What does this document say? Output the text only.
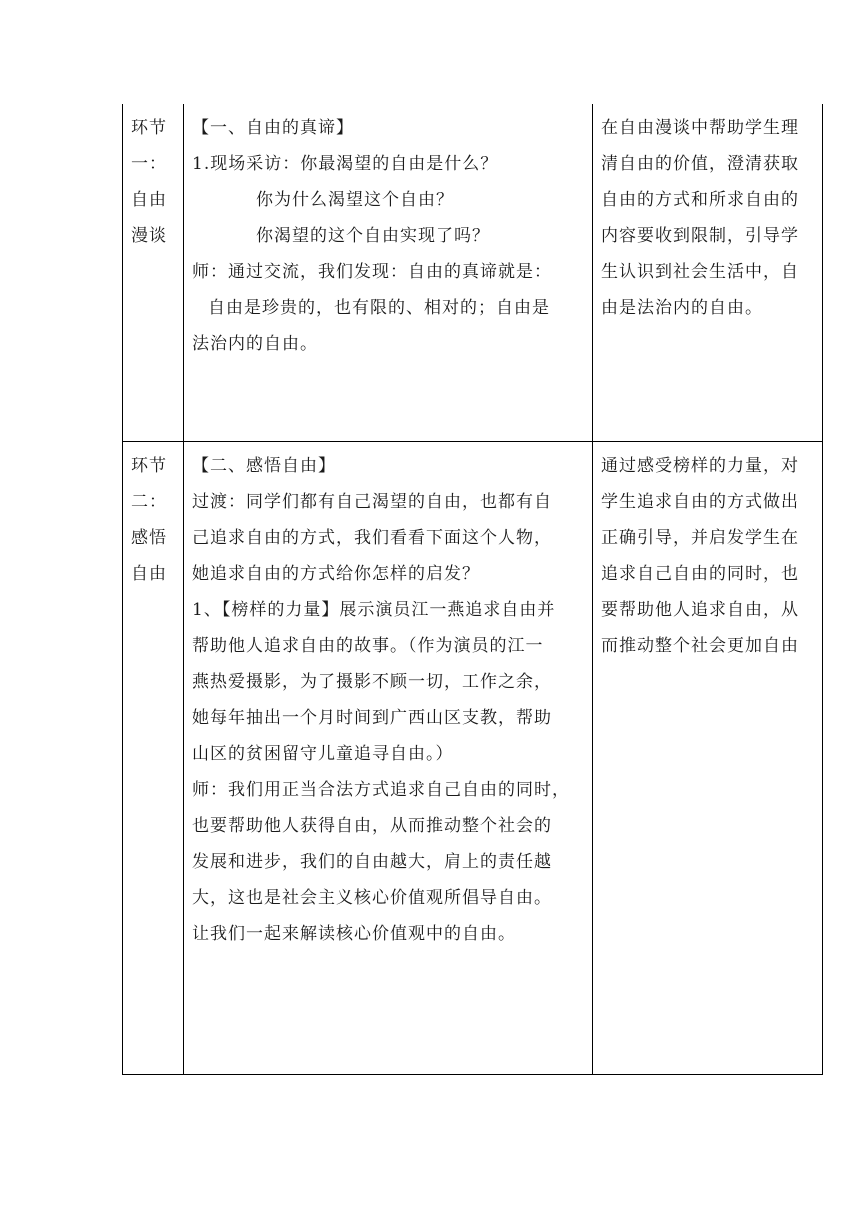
环节
一：
自由
漫谈
【一、自由的真谛】
1.现场采访：你最渴望的自由是什么？
你为什么渴望这个自由？
你渴望的这个自由实现了吗？
师：通过交流，我们发现：自由的真谛就是：
自由是珍贵的，也有限的、相对的；自由是
法治内的自由。
在自由漫谈中帮助学生理
清自由的价值，澄清获取
自由的方式和所求自由的
内容要收到限制，引导学
生认识到社会生活中，自
由是法治内的自由。
环节
二：
感悟
自由
【二、感悟自由】
过渡：同学们都有自己渴望的自由，也都有自
己追求自由的方式，我们看看下面这个人物，
她追求自由的方式给你怎样的启发？
1、【榜样的力量】展示演员江一燕追求自由并
帮助他人追求自由的故事。（作为演员的江一
燕热爱摄影，为了摄影不顾一切，工作之余，
她每年抽出一个月时间到广西山区支教，帮助
山区的贫困留守儿童追寻自由。）
师：我们用正当合法方式追求自己自由的同时，
也要帮助他人获得自由，从而推动整个社会的
发展和进步，我们的自由越大，肩上的责任越
大，这也是社会主义核心价值观所倡导自由。
让我们一起来解读核心价值观中的自由。
通过感受榜样的力量，对
学生追求自由的方式做出
正确引导，并启发学生在
追求自己自由的同时，也
要帮助他人追求自由，从
而推动整个社会更加自由
